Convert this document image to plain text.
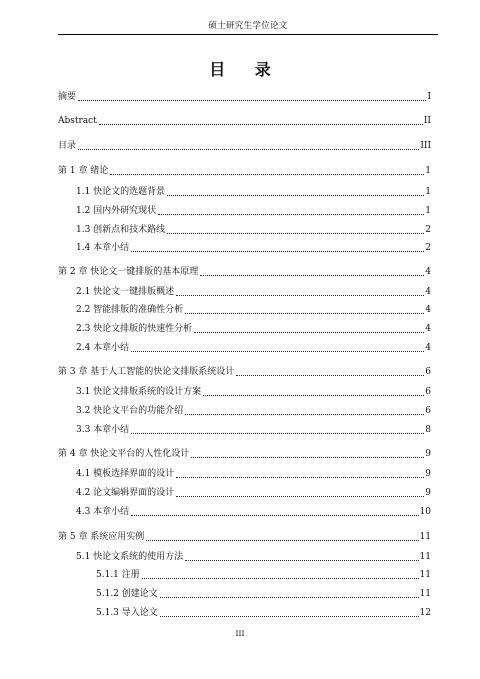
硕士研究生学位论文
目 录
摘要	I
Abstract	II
目录	III
第 1 章 绪论	1
1.1 快论文的选题背景	1
1.2 国内外研究现状	1
1.3 创新点和技术路线	2
1.4 本章小结	2
第 2 章 快论文一键排版的基本原理	4
2.1 快论文一键排版概述	4
2.2 智能排版的准确性分析	4
2.3 快论文排版的快速性分析	4
2.4 本章小结	4
第 3 章 基于人工智能的快论文排版系统设计	6
3.1 快论文排版系统的设计方案	6
3.2 快论文平台的功能介绍	6
3.3 本章小结	8
第 4 章 快论文平台的人性化设计	9
4.1 模板选择界面的设计	9
4.2 论文编辑界面的设计	9
4.3 本章小结	10
第 5 章 系统应用实例	11
5.1 快论文系统的使用方法	11
5.1.1 注册	11
5.1.2 创建论文	11
5.1.3 导入论文	12
III
